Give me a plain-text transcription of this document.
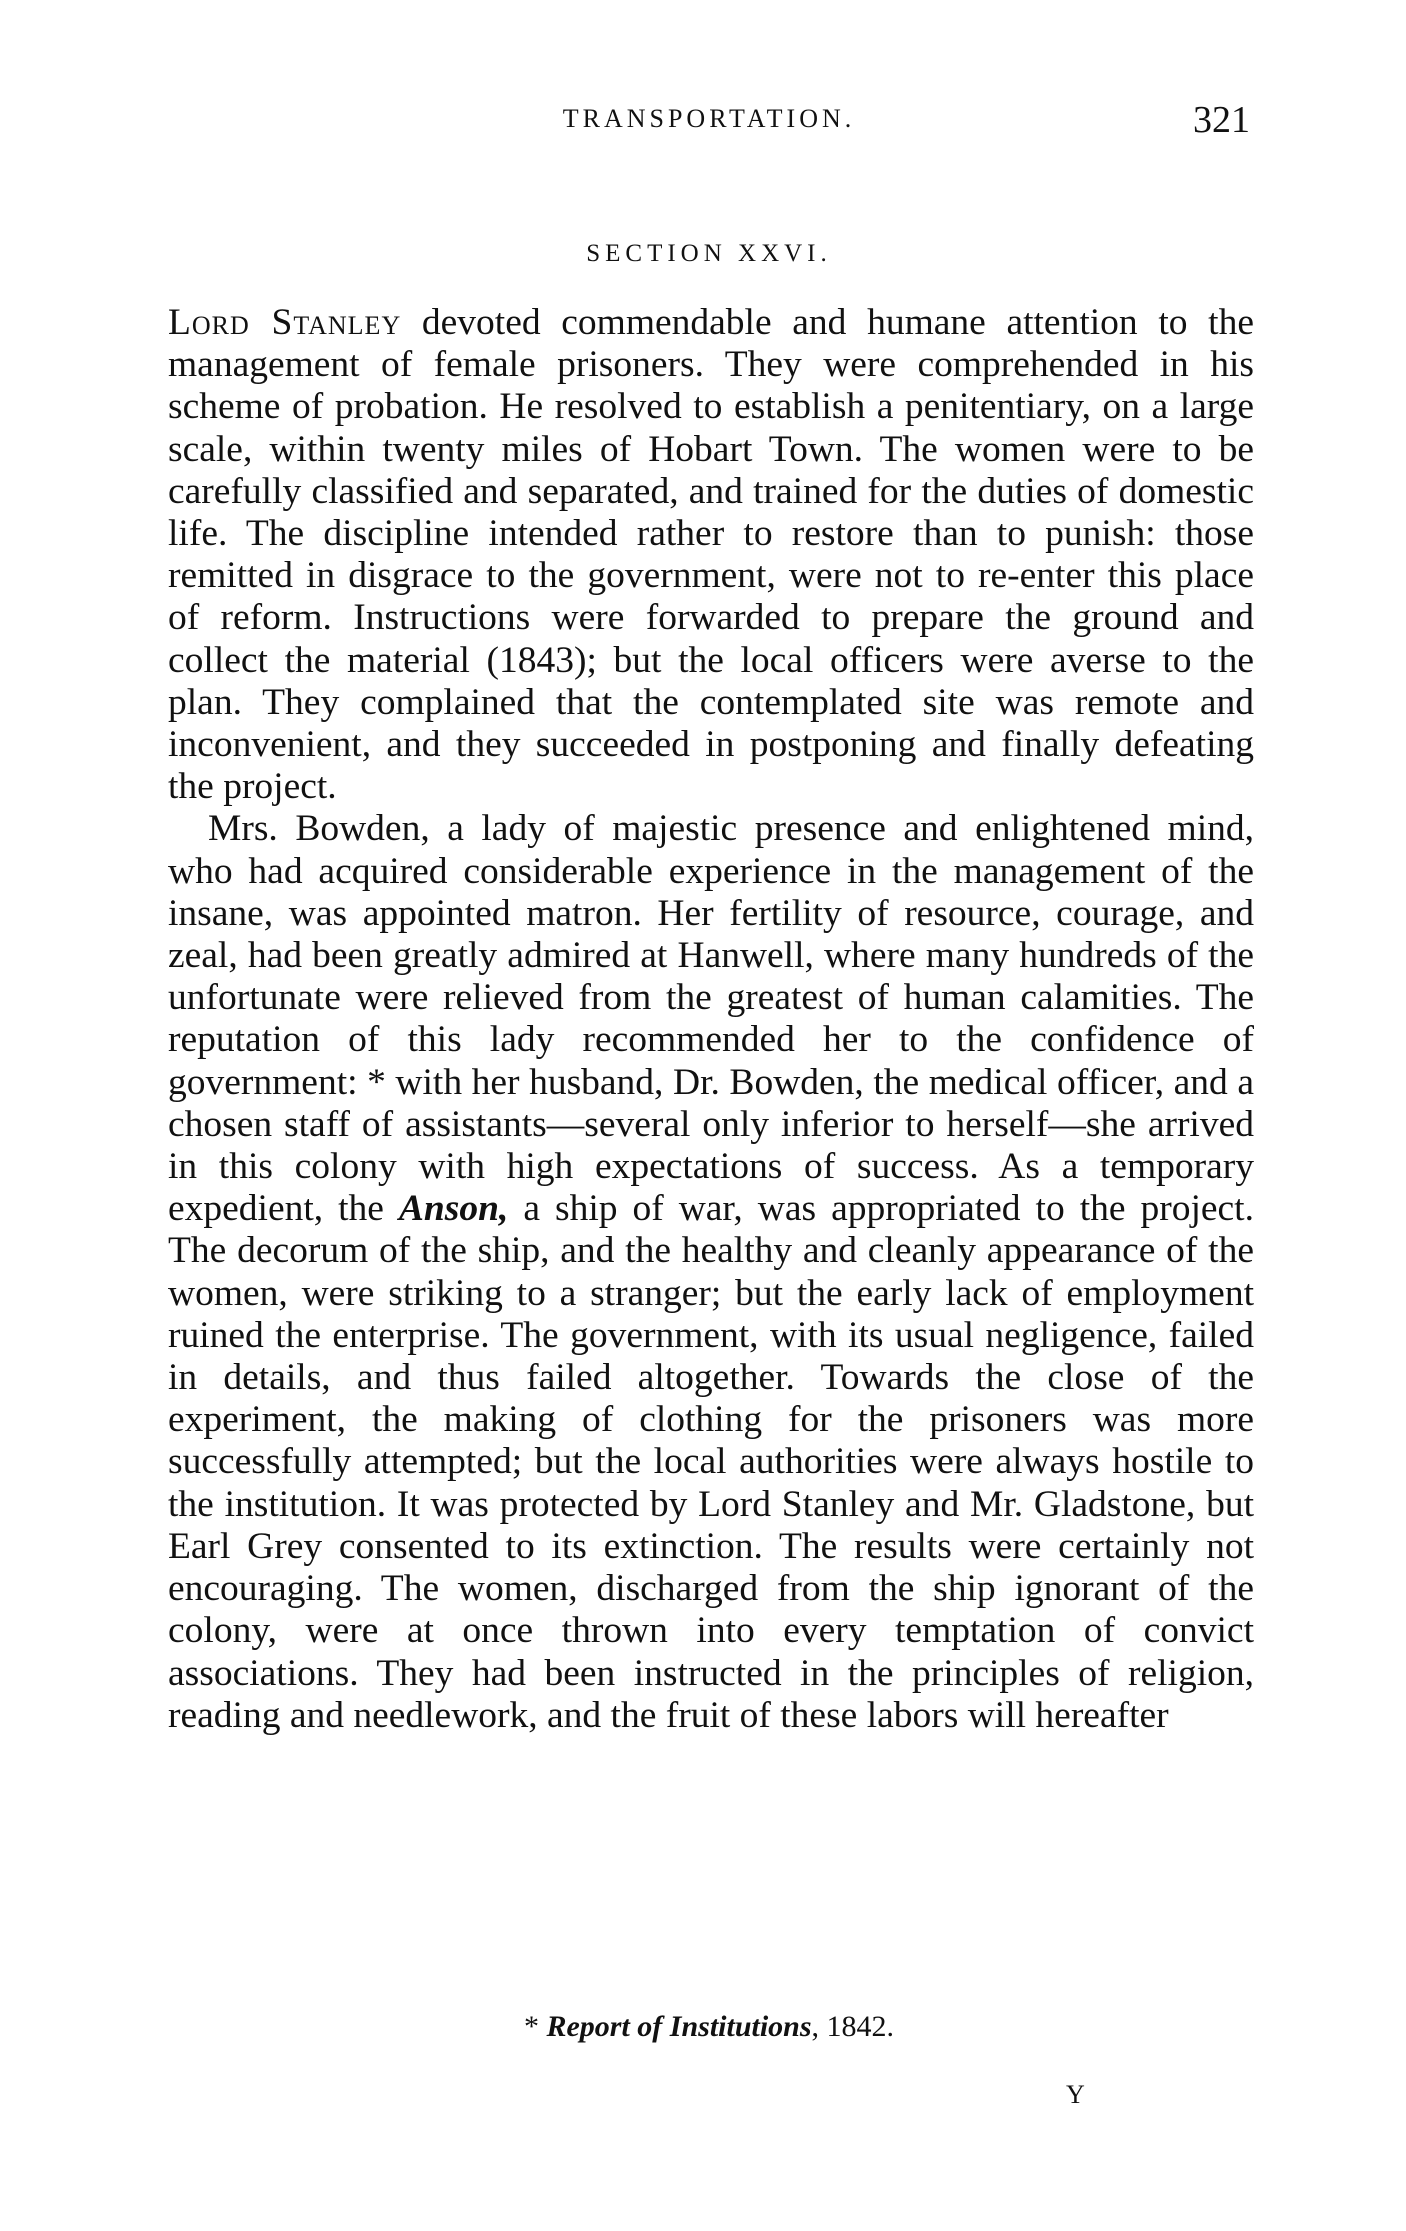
TRANSPORTATION.	321
SECTION XXVI.

Lord Stanley devoted commendable and humane attention to the management of female prisoners. They were comprehended in his scheme of probation. He resolved to establish a penitentiary, on a large scale, within twenty miles of Hobart Town. The women were to be carefully classified and separated, and trained for the duties of domestic life. The discipline intended rather to restore than to punish: those remitted in disgrace to the government, were not to re-enter this place of reform. Instructions were forwarded to prepare the ground and collect the material (1843); but the local officers were averse to the plan. They complained that the contemplated site was remote and inconvenient, and they succeeded in postponing and finally defeating the project.

Mrs. Bowden, a lady of majestic presence and enlightened mind, who had acquired considerable experience in the management of the insane, was appointed matron. Her fertility of resource, courage, and zeal, had been greatly admired at Hanwell, where many hundreds of the unfortunate were relieved from the greatest of human calamities. The reputation of this lady recommended her to the confidence of government: * with her husband, Dr. Bowden, the medical officer, and a chosen staff of assistants—several only inferior to herself—she arrived in this colony with high expectations of success. As a temporary expedient, the Anson, a ship of war, was appropriated to the project. The decorum of the ship, and the healthy and cleanly appearance of the women, were striking to a stranger; but the early lack of employment ruined the enterprise. The government, with its usual negligence, failed in details, and thus failed altogether. Towards the close of the experiment, the making of clothing for the prisoners was more successfully attempted; but the local authorities were always hostile to the institution. It was protected by Lord Stanley and Mr. Gladstone, but Earl Grey consented to its extinction. The results were certainly not encouraging. The women, discharged from the ship ignorant of the colony, were at once thrown into every temptation of convict associations. They had been instructed in the principles of religion, reading and needlework, and the fruit of these labors will hereafter

* Report of Institutions, 1842.
Y
